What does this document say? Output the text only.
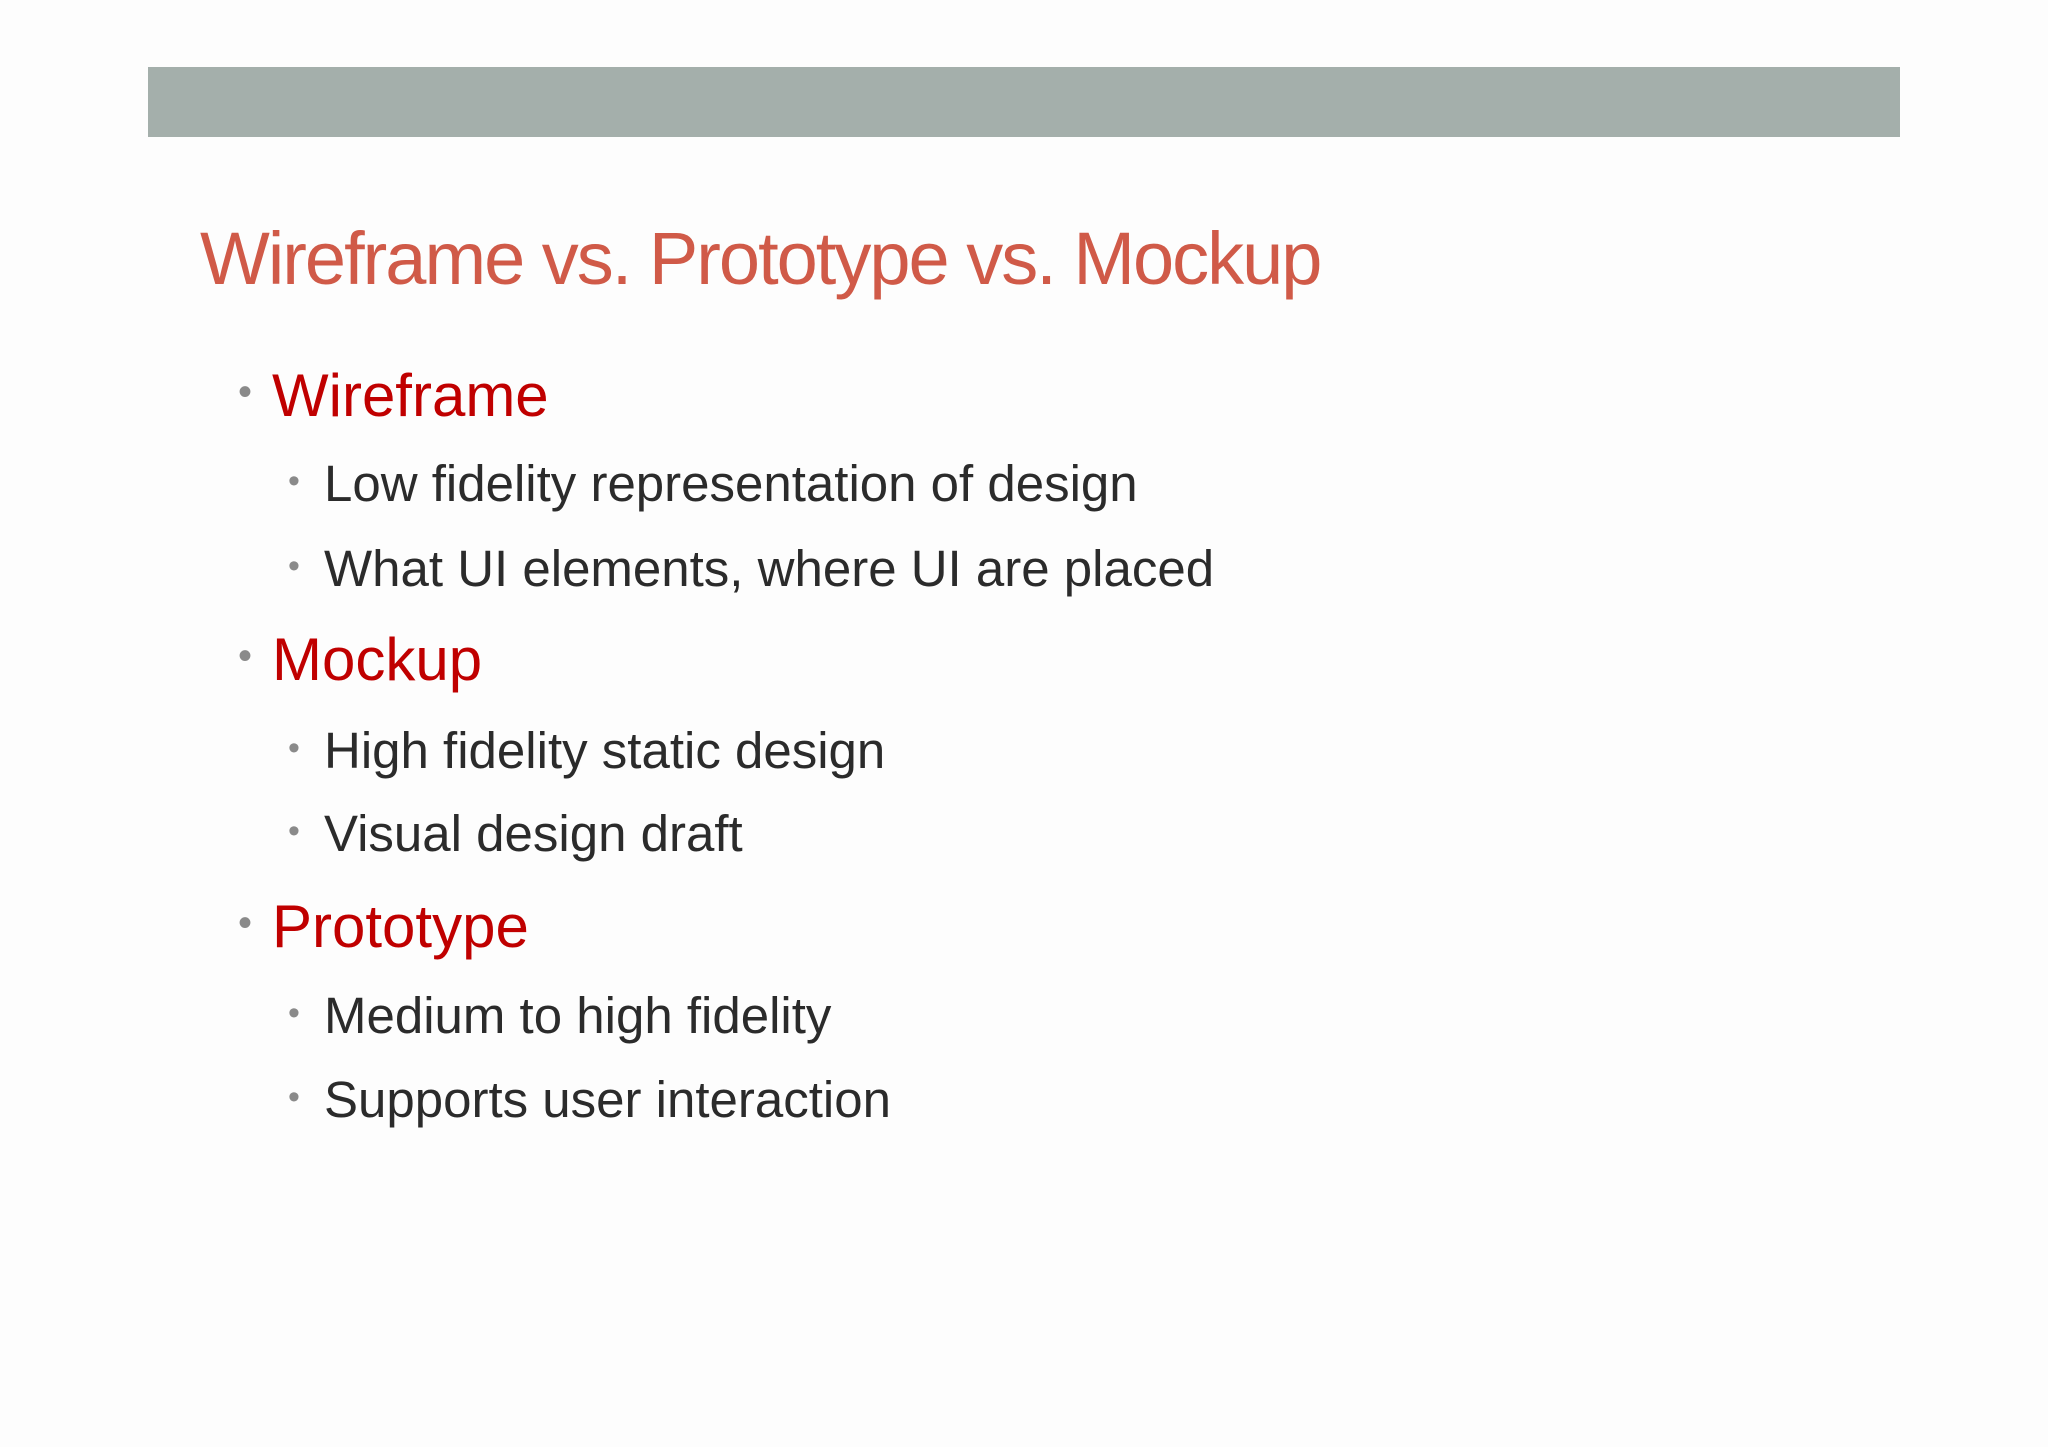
Wireframe vs. Prototype vs. Mockup
• Wireframe
• Low fidelity representation of design
• What UI elements, where UI are placed
• Mockup
• High fidelity static design
• Visual design draft
• Prototype
• Medium to high fidelity
• Supports user interaction
